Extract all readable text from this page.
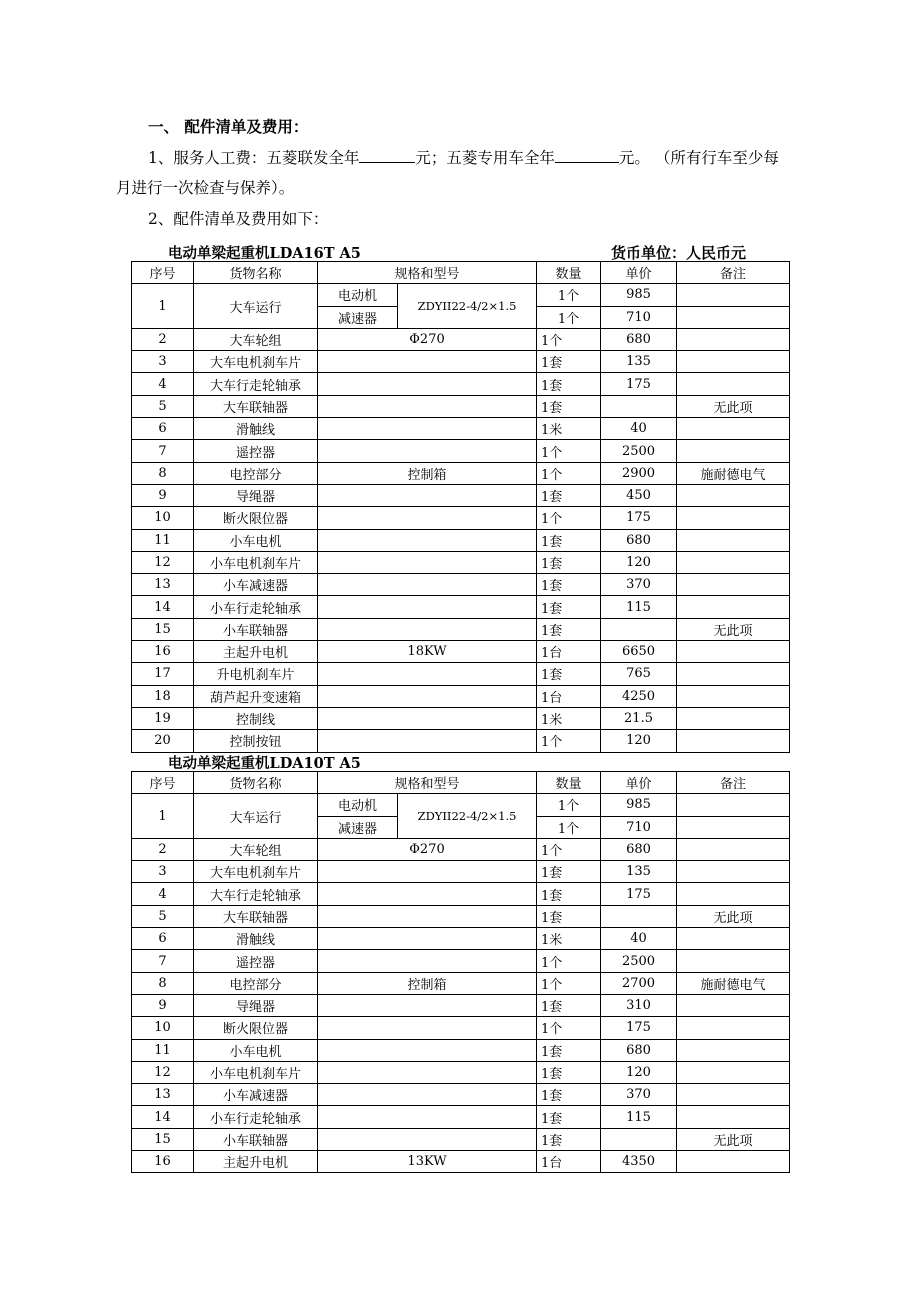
一、 配件清单及费用：
1、服务人工费：五菱联发全年	元；五菱专用车全年	元。 （所有行车至少每
月进行一次检查与保养）。
2、配件清单及费用如下：
电动单梁起重机LDA16T A5	货币单位：人民币元
序号	货物名称	规格和型号		数量	单价	备注
1	大车运行	电动机	ZDYII22-4/2×1.5	1个	985	
		减速器		1个	710	
2	大车轮组	Φ270		1个	680	
3	大车电机刹车片			1套	135	
4	大车行走轮轴承			1套	175	
5	大车联轴器			1套		无此项
6	滑触线			1米	40	
7	遥控器			1个	2500	
8	电控部分	控制箱		1个	2900	施耐德电气
9	导绳器			1套	450	
10	断火限位器			1个	175	
11	小车电机			1套	680	
12	小车电机刹车片			1套	120	
13	小车减速器			1套	370	
14	小车行走轮轴承			1套	115	
15	小车联轴器			1套		无此项
16	主起升电机	18KW		1台	6650	
17	升电机刹车片			1套	765	
18	葫芦起升变速箱			1台	4250	
19	控制线			1米	21.5	
20	控制按钮			1个	120	
电动单梁起重机LDA10T A5
序号	货物名称	规格和型号		数量	单价	备注
1	大车运行	电动机	ZDYII22-4/2×1.5	1个	985	
		减速器		1个	710	
2	大车轮组	Φ270		1个	680	
3	大车电机刹车片			1套	135	
4	大车行走轮轴承			1套	175	
5	大车联轴器			1套		无此项
6	滑触线			1米	40	
7	遥控器			1个	2500	
8	电控部分	控制箱		1个	2700	施耐德电气
9	导绳器			1套	310	
10	断火限位器			1个	175	
11	小车电机			1套	680	
12	小车电机刹车片			1套	120	
13	小车减速器			1套	370	
14	小车行走轮轴承			1套	115	
15	小车联轴器			1套		无此项
16	主起升电机	13KW		1台	4350	
